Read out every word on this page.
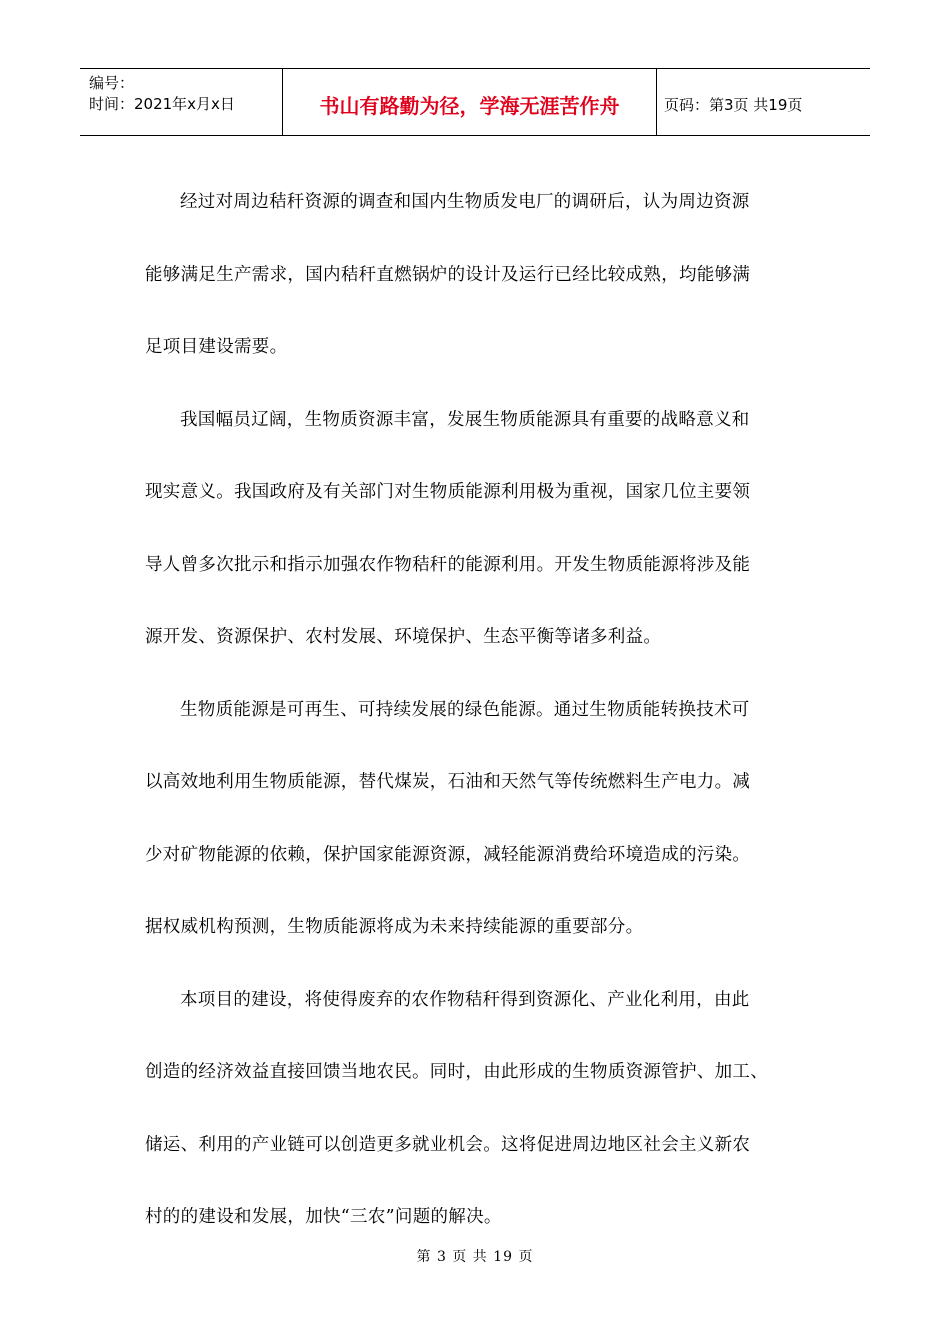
编号：
时间：2021年x月x日	书山有路勤为径，学海无涯苦作舟	页码：第3页 共19页
经过对周边秸秆资源的调查和国内生物质发电厂的调研后，认为周边资源
能够满足生产需求，国内秸秆直燃锅炉的设计及运行已经比较成熟，均能够满
足项目建设需要。
我国幅员辽阔，生物质资源丰富，发展生物质能源具有重要的战略意义和
现实意义。我国政府及有关部门对生物质能源利用极为重视，国家几位主要领
导人曾多次批示和指示加强农作物秸秆的能源利用。开发生物质能源将涉及能
源开发、资源保护、农村发展、环境保护、生态平衡等诸多利益。
生物质能源是可再生、可持续发展的绿色能源。通过生物质能转换技术可
以高效地利用生物质能源，替代煤炭，石油和天然气等传统燃料生产电力。减
少对矿物能源的依赖，保护国家能源资源，减轻能源消费给环境造成的污染。
据权威机构预测，生物质能源将成为未来持续能源的重要部分。
本项目的建设，将使得废弃的农作物秸秆得到资源化、产业化利用，由此
创造的经济效益直接回馈当地农民。同时，由此形成的生物质资源管护、加工、
储运、利用的产业链可以创造更多就业机会。这将促进周边地区社会主义新农
村的的建设和发展，加快“三农”问题的解决。
第 3 页 共 19 页
